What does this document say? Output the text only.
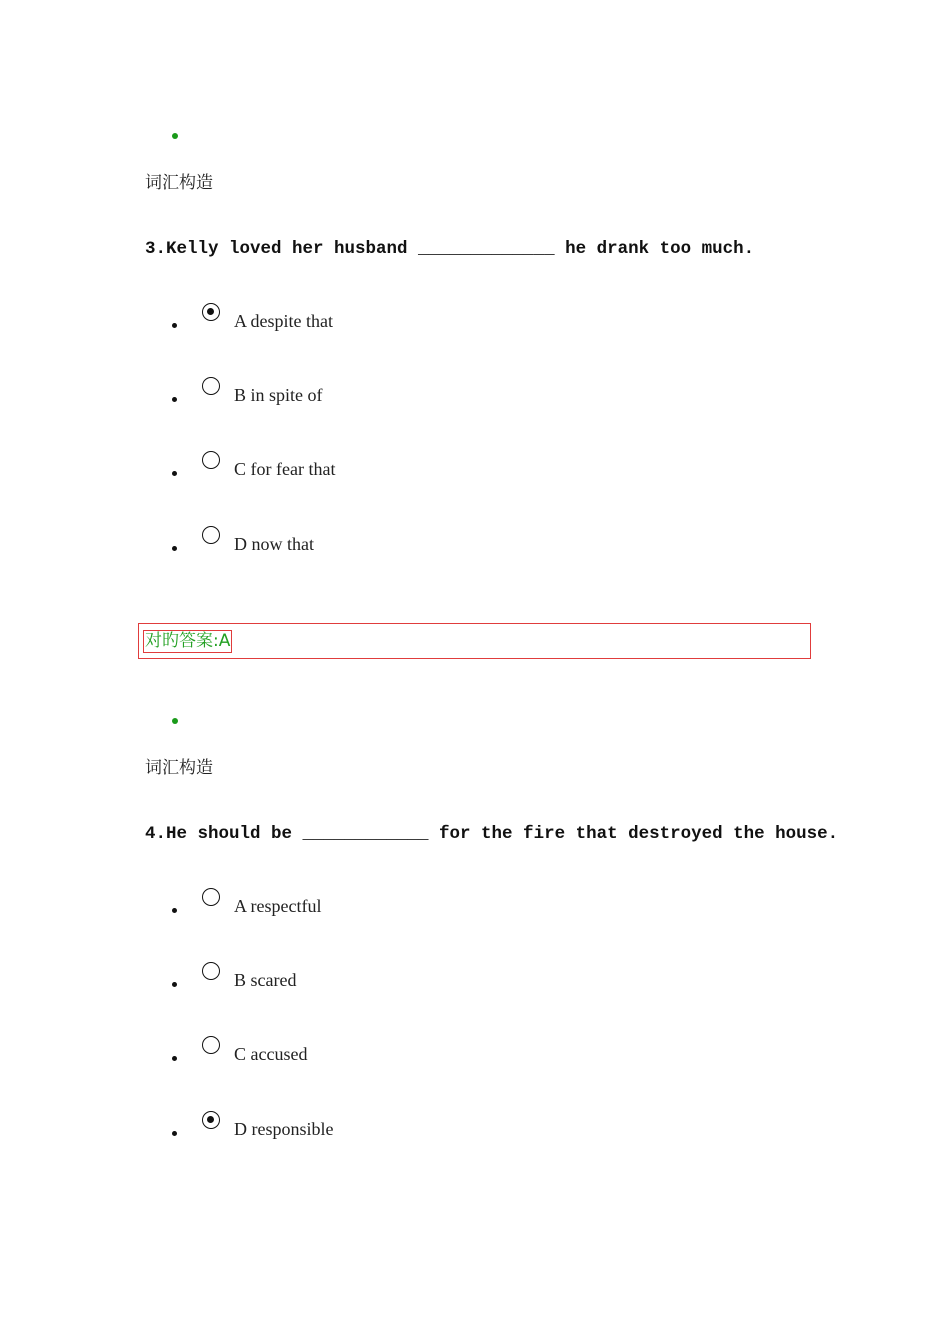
词汇构造
3.Kelly loved her husband _____________ he drank too much.
A despite that
B in spite of
C for fear that
D now that
对旳答案:A
词汇构造
4.He should be ____________ for the fire that destroyed the house.
A respectful
B scared
C accused
D responsible
